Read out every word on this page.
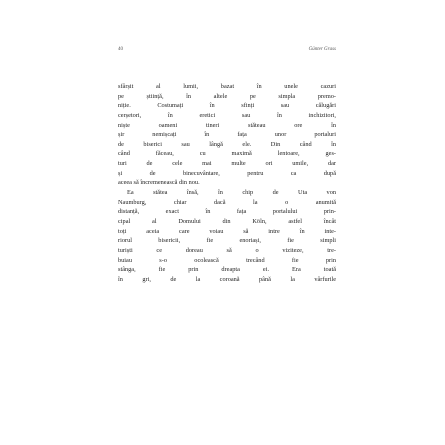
40	Günter Grass
sfârșit al lumii, bazat în unele cazuri
pe știință, în altele pe simpla premo-
niție. Costumați în sfinți sau călugări
cerșetori, în eretici sau în inchizitori,
niște oameni tineri stăteau ore în
șir nemișcați în fața unor portaluri
de biserici sau lângă ele. Din când în
când făceau, cu maximă lentoare, ges-
turi de cele mai multe ori umile, dar
și de binecuvântare, pentru ca după
aceea să încremenească din nou.
Ea stătea însă, în chip de Uta von
Naumburg, chiar dacă la o anumită
distanță, exact în fața portalului prin-
cipal al Domului din Köln, astfel încât
toți aceia care voiau să intre în inte-
riorul bisericii, fie enoriași, fie simpli
turiști ce doreau să o viziteze, tre-
buiau s-o ocolească trecând fie prin
stânga, fie prin dreapta ei. Era toată
în gri, de la coroană până la vârfurile
